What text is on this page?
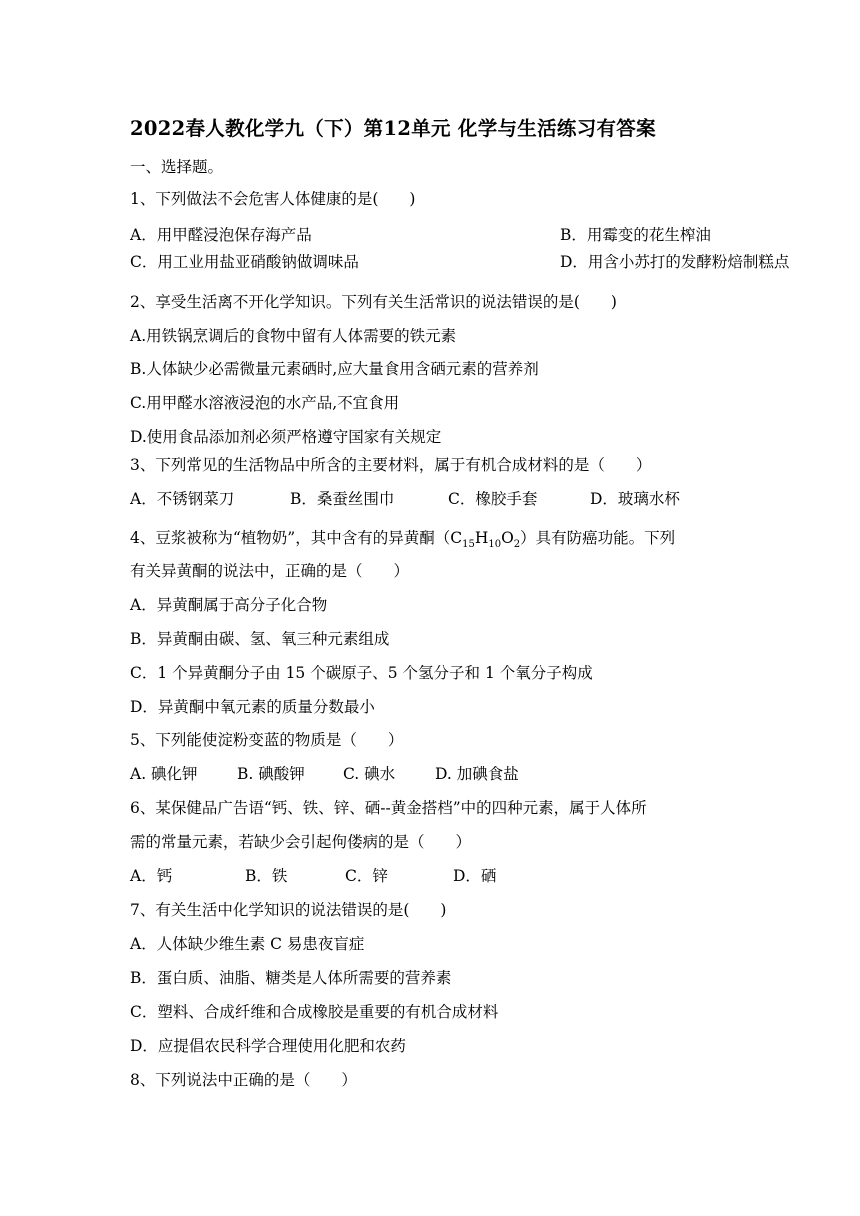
2022春人教化学九（下）第12单元 化学与生活练习有答案

一、选择题。

1、下列做法不会危害人体健康的是(　　)

A．用甲醛浸泡保存海产品	B．用霉变的花生榨油

C．用工业用盐亚硝酸钠做调味品	D．用含小苏打的发酵粉焙制糕点

2、享受生活离不开化学知识。下列有关生活常识的说法错误的是(　　)

A.用铁锅烹调后的食物中留有人体需要的铁元素

B.人体缺少必需微量元素硒时,应大量食用含硒元素的营养剂

C.用甲醛水溶液浸泡的水产品,不宜食用

D.使用食品添加剂必须严格遵守国家有关规定

3、下列常见的生活物品中所含的主要材料，属于有机合成材料的是（　　）

A．不锈钢菜刀	B．桑蚕丝围巾	C．橡胶手套	D．玻璃水杯

4、豆浆被称为“植物奶”，其中含有的异黄酮$(C_{15}H_{10}O_2)$具有防癌功能。下列

有关异黄酮的说法中，正确的是（　　）

A．异黄酮属于高分子化合物

B．异黄酮由碳、氢、氧三种元素组成

C．1 个异黄酮分子由 15 个碳原子、5 个氢分子和 1 个氧分子构成

D．异黄酮中氧元素的质量分数最小

5、下列能使淀粉变蓝的物质是（　　）

A. 碘化钾	B. 碘酸钾 C. 碘水	D. 加碘食盐

6、某保健品广告语“钙、铁、锌、硒--黄金搭档”中的四种元素，属于人体所

需的常量元素，若缺少会引起佝偻病的是（　　）

A．钙	B．铁	C．锌	D．硒

7、有关生活中化学知识的说法错误的是(　　)

A．人体缺少维生素 C 易患夜盲症

B．蛋白质、油脂、糖类是人体所需要的营养素

C．塑料、合成纤维和合成橡胶是重要的有机合成材料

D．应提倡农民科学合理使用化肥和农药

8、下列说法中正确的是（　　）
